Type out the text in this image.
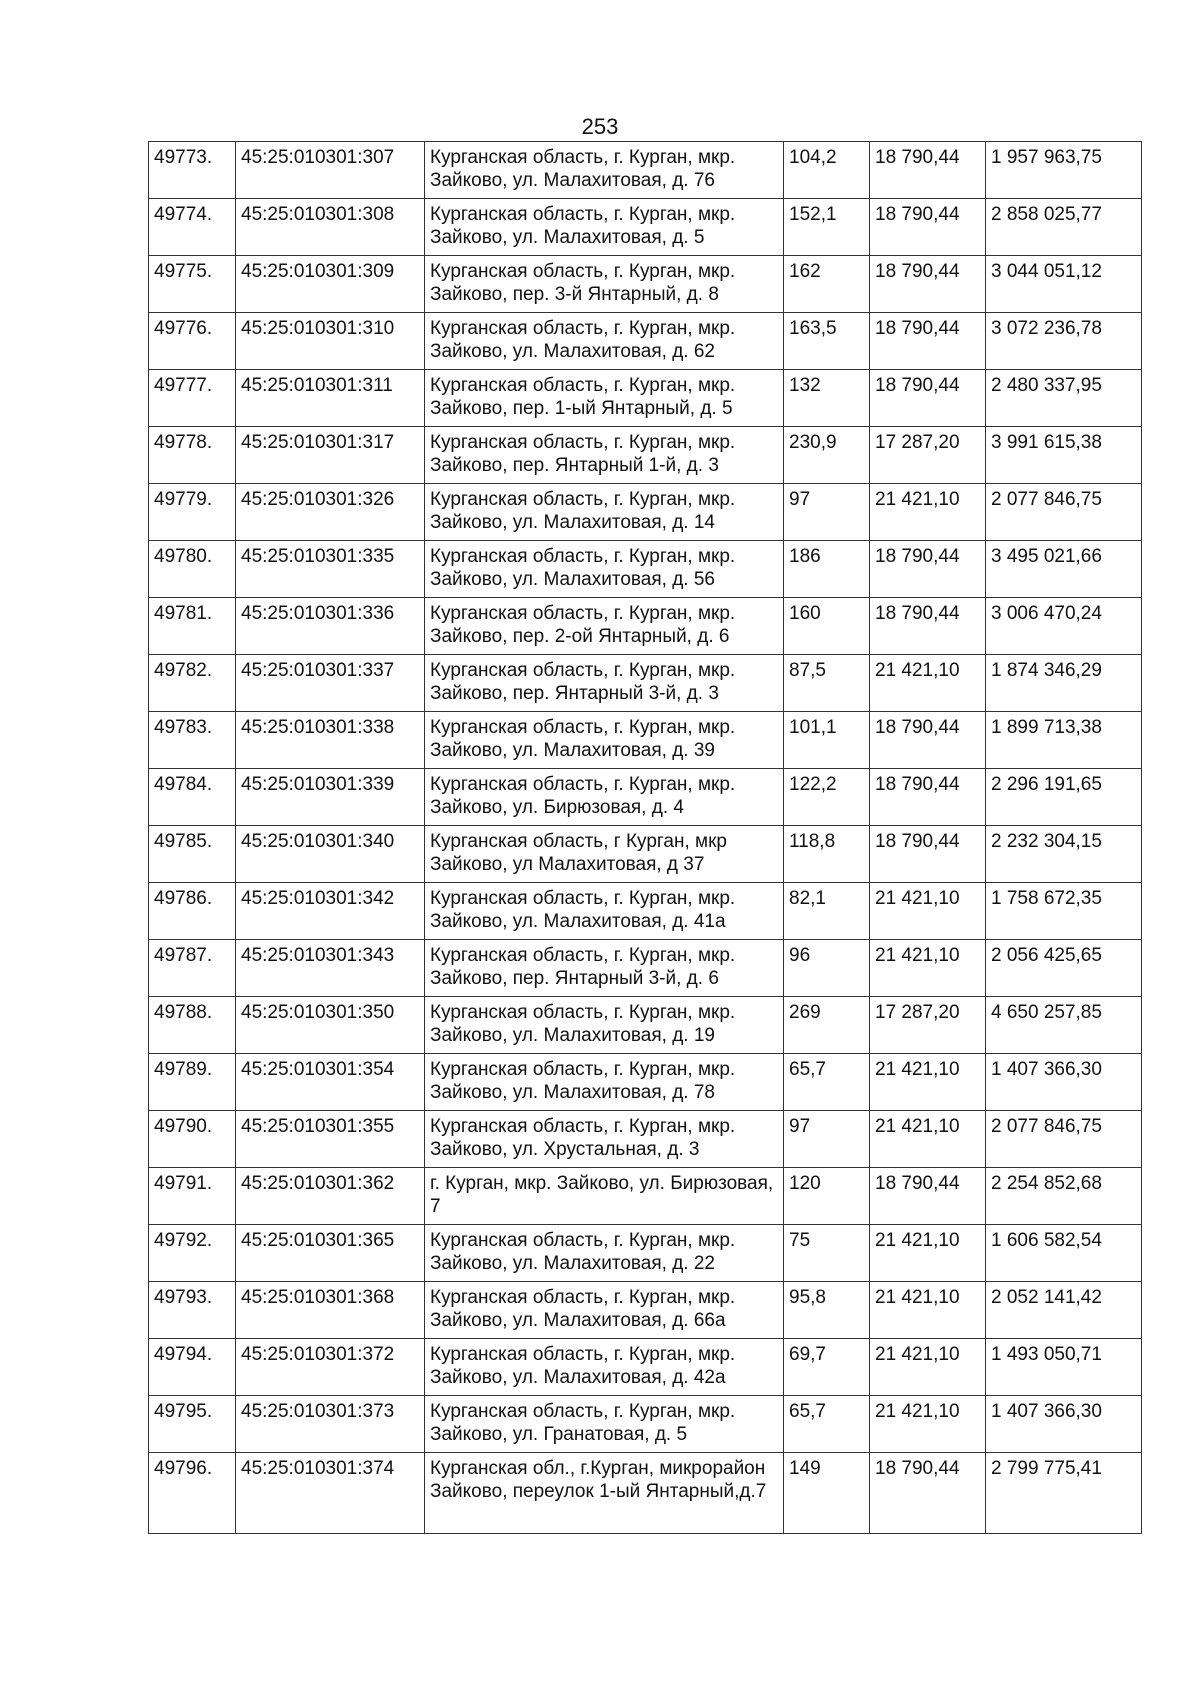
253
49773.	45:25:010301:307	Курганская область, г. Курган, мкр. Зайково, ул. Малахитовая, д. 76	104,2	18 790,44	1 957 963,75
49774.	45:25:010301:308	Курганская область, г. Курган, мкр. Зайково, ул. Малахитовая, д. 5	152,1	18 790,44	2 858 025,77
49775.	45:25:010301:309	Курганская область, г. Курган, мкр. Зайково, пер. 3-й Янтарный, д. 8	162	18 790,44	3 044 051,12
49776.	45:25:010301:310	Курганская область, г. Курган, мкр. Зайково, ул. Малахитовая, д. 62	163,5	18 790,44	3 072 236,78
49777.	45:25:010301:311	Курганская область, г. Курган, мкр. Зайково, пер. 1-ый Янтарный, д. 5	132	18 790,44	2 480 337,95
49778.	45:25:010301:317	Курганская область, г. Курган, мкр. Зайково, пер. Янтарный 1-й, д. 3	230,9	17 287,20	3 991 615,38
49779.	45:25:010301:326	Курганская область, г. Курган, мкр. Зайково, ул. Малахитовая, д. 14	97	21 421,10	2 077 846,75
49780.	45:25:010301:335	Курганская область, г. Курган, мкр. Зайково, ул. Малахитовая, д. 56	186	18 790,44	3 495 021,66
49781.	45:25:010301:336	Курганская область, г. Курган, мкр. Зайково, пер. 2-ой Янтарный, д. 6	160	18 790,44	3 006 470,24
49782.	45:25:010301:337	Курганская область, г. Курган, мкр. Зайково, пер. Янтарный 3-й, д. 3	87,5	21 421,10	1 874 346,29
49783.	45:25:010301:338	Курганская область, г. Курган, мкр. Зайково, ул. Малахитовая, д. 39	101,1	18 790,44	1 899 713,38
49784.	45:25:010301:339	Курганская область, г. Курган, мкр. Зайково, ул. Бирюзовая, д. 4	122,2	18 790,44	2 296 191,65
49785.	45:25:010301:340	Курганская область, г Курган, мкр Зайково, ул Малахитовая, д 37	118,8	18 790,44	2 232 304,15
49786.	45:25:010301:342	Курганская область, г. Курган, мкр. Зайково, ул. Малахитовая, д. 41а	82,1	21 421,10	1 758 672,35
49787.	45:25:010301:343	Курганская область, г. Курган, мкр. Зайково, пер. Янтарный 3-й, д. 6	96	21 421,10	2 056 425,65
49788.	45:25:010301:350	Курганская область, г. Курган, мкр. Зайково, ул. Малахитовая, д. 19	269	17 287,20	4 650 257,85
49789.	45:25:010301:354	Курганская область, г. Курган, мкр. Зайково, ул. Малахитовая, д. 78	65,7	21 421,10	1 407 366,30
49790.	45:25:010301:355	Курганская область, г. Курган, мкр. Зайково, ул. Хрустальная, д. 3	97	21 421,10	2 077 846,75
49791.	45:25:010301:362	г. Курган, мкр. Зайково, ул. Бирюзовая, 7	120	18 790,44	2 254 852,68
49792.	45:25:010301:365	Курганская область, г. Курган, мкр. Зайково, ул. Малахитовая, д. 22	75	21 421,10	1 606 582,54
49793.	45:25:010301:368	Курганская область, г. Курган, мкр. Зайково, ул. Малахитовая, д. 66а	95,8	21 421,10	2 052 141,42
49794.	45:25:010301:372	Курганская область, г. Курган, мкр. Зайково, ул. Малахитовая, д. 42а	69,7	21 421,10	1 493 050,71
49795.	45:25:010301:373	Курганская область, г. Курган, мкр. Зайково, ул. Гранатовая, д. 5	65,7	21 421,10	1 407 366,30
49796.	45:25:010301:374	Курганская обл., г.Курган, микрорайон Зайково, переулок 1-ый Янтарный,д.7	149	18 790,44	2 799 775,41
